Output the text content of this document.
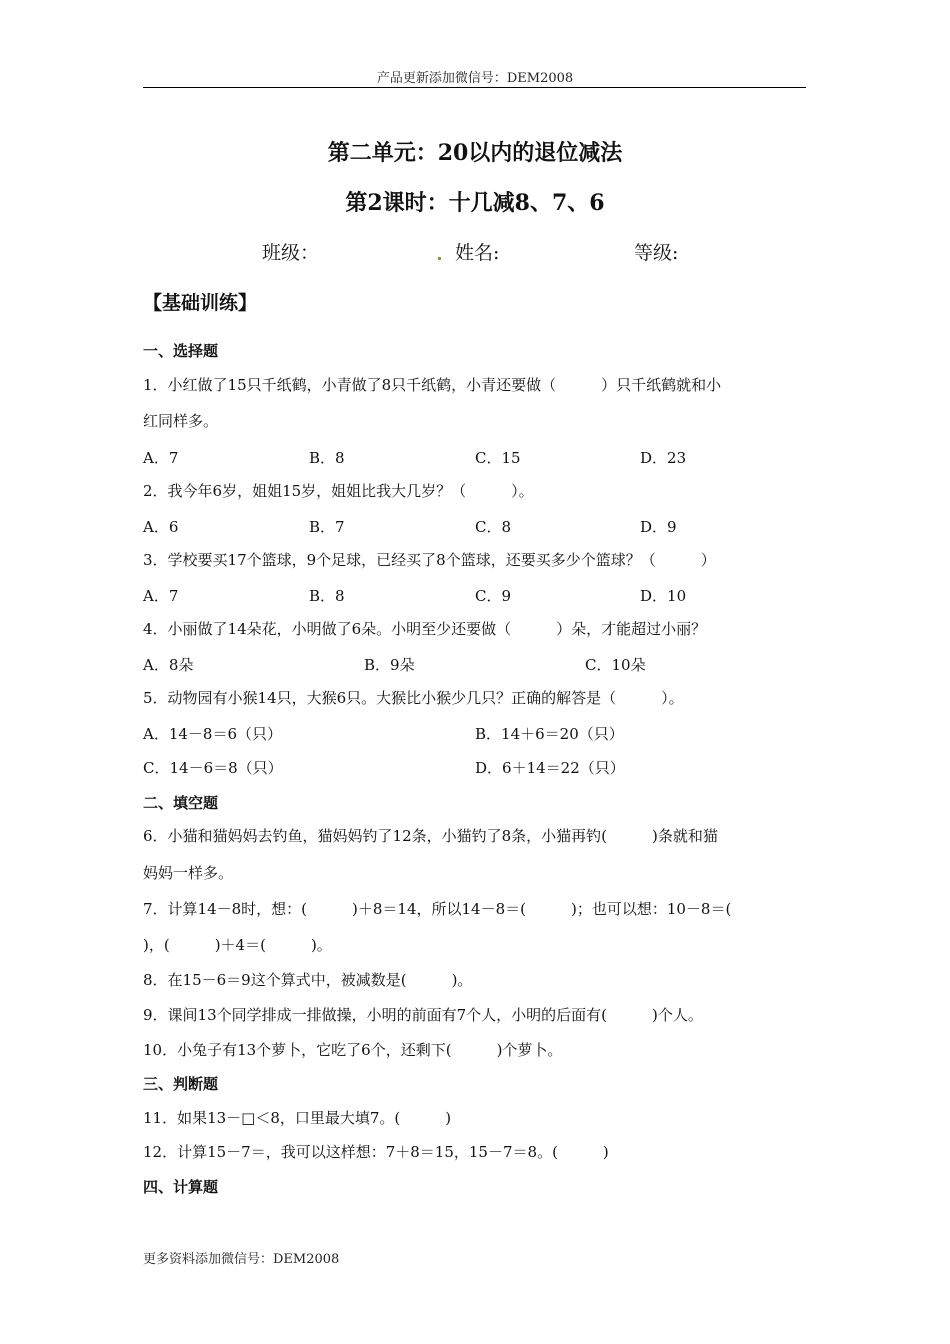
产品更新添加微信号：DEM2008
第二单元：20以内的退位减法
第2课时：十几减8、7、6
班级：	姓名:	等级:
【基础训练】
一、选择题
1．小红做了15只千纸鹤，小青做了8只千纸鹤，小青还要做（　　　）只千纸鹤就和小
红同样多。
A．7	B．8	C．15	D．23
2．我今年6岁，姐姐15岁，姐姐比我大几岁？（　　　）。
A．6	B．7	C．8	D．9
3．学校要买17个篮球，9个足球，已经买了8个篮球，还要买多少个篮球？（　　　）
A．7	B．8	C．9	D．10
4．小丽做了14朵花，小明做了6朵。小明至少还要做（　　　）朵，才能超过小丽？
A．8朵	B．9朵	C．10朵
5．动物园有小猴14只，大猴6只。大猴比小猴少几只？正确的解答是（　　　）。
A．14－8＝6（只）	B．14＋6＝20（只）
C．14－6＝8（只）	D．6＋14＝22（只）
二、填空题
6．小猫和猫妈妈去钓鱼，猫妈妈钓了12条，小猫钓了8条，小猫再钓(　　　)条就和猫
妈妈一样多。
7．计算14－8时，想：(　　　)＋8＝14，所以14－8＝(　　　)；也可以想：10－8＝(
)，(　　　)＋4＝(　　　)。
8．在15－6＝9这个算式中，被减数是(　　　)。
9．课间13个同学排成一排做操，小明的前面有7个人，小明的后面有(　　　)个人。
10．小兔子有13个萝卜，它吃了6个，还剩下(　　　)个萝卜。
三、判断题
11．如果13－□＜8，口里最大填7。(　　　)
12．计算15－7＝，我可以这样想：7＋8＝15，15－7＝8。(　　　)
四、计算题
更多资料添加微信号：DEM2008
